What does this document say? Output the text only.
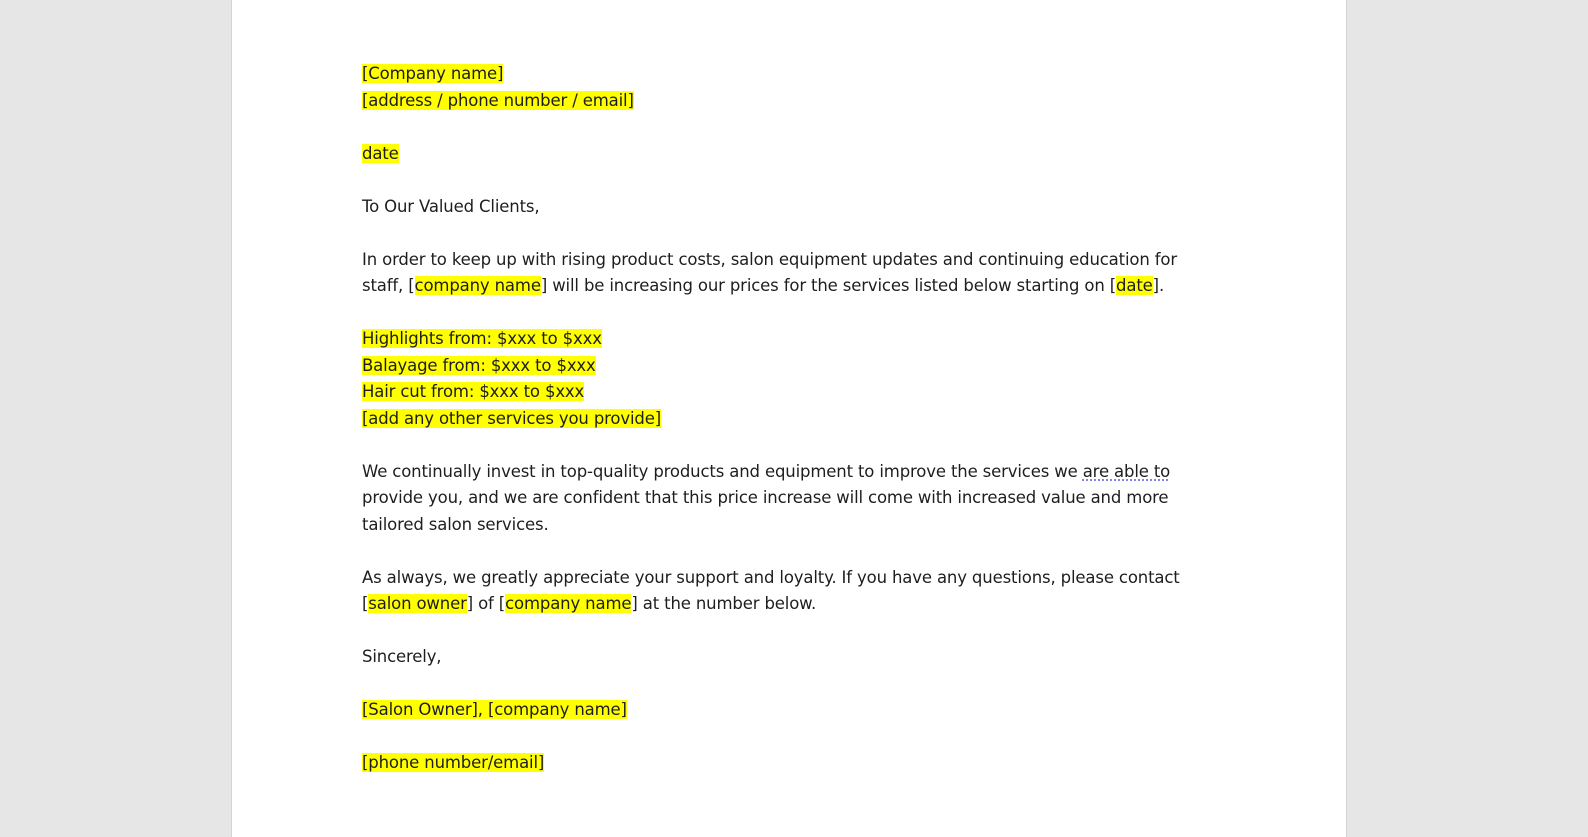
[Company name]
[address / phone number / email]
date
To Our Valued Clients,
In order to keep up with rising product costs, salon equipment updates and continuing education for
staff, [company name] will be increasing our prices for the services listed below starting on [date].
Highlights from: $xxx to $xxx
Balayage from: $xxx to $xxx
Hair cut from: $xxx to $xxx
[add any other services you provide]
We continually invest in top-quality products and equipment to improve the services we are able to
provide you, and we are confident that this price increase will come with increased value and more
tailored salon services.
As always, we greatly appreciate your support and loyalty. If you have any questions, please contact
[salon owner] of [company name] at the number below.
Sincerely,
[Salon Owner], [company name]
[phone number/email]
